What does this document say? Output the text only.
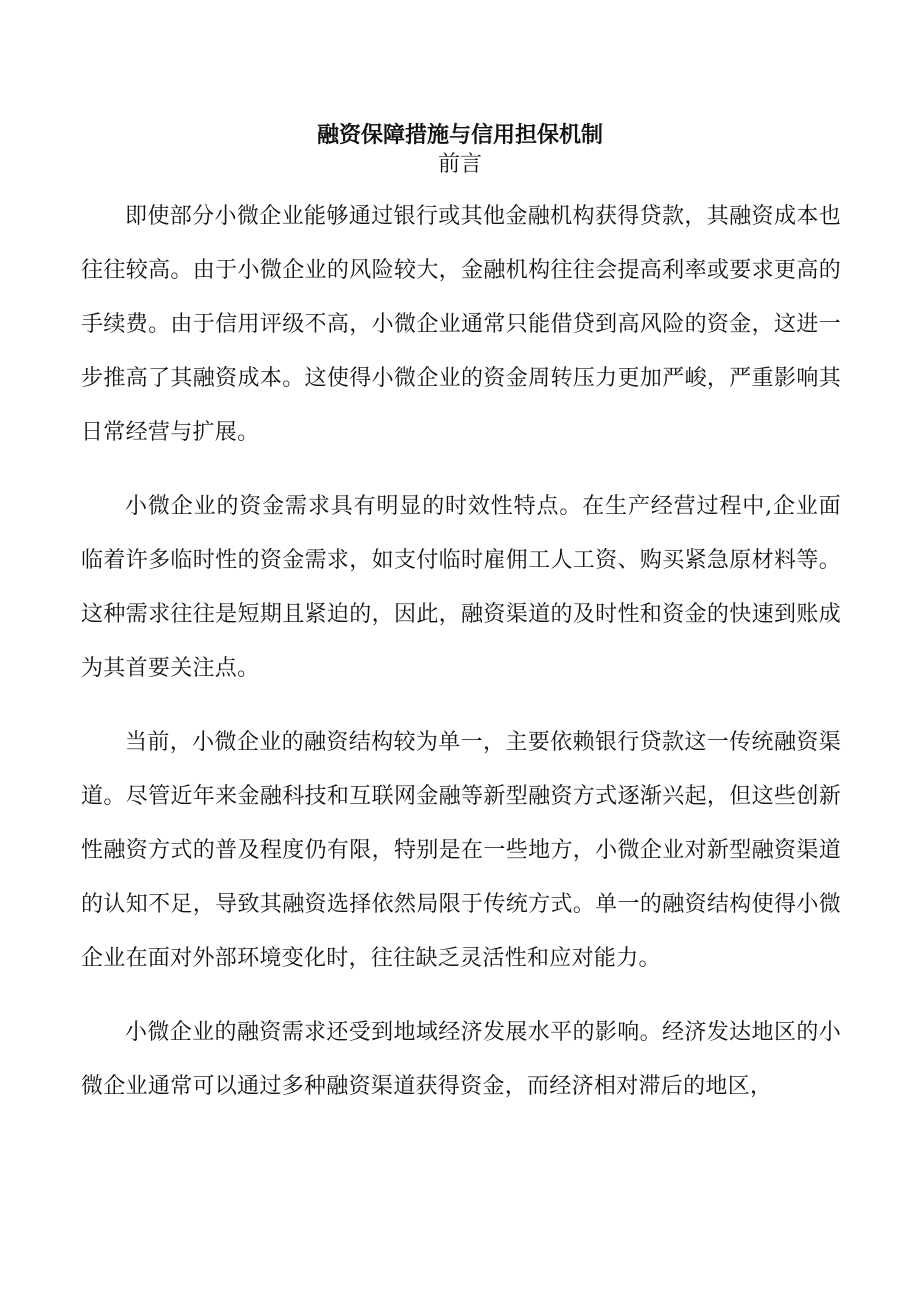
融资保障措施与信用担保机制
前言

即使部分小微企业能够通过银行或其他金融机构获得贷款，其融资成本也往往较高。由于小微企业的风险较大，金融机构往往会提高利率或要求更高的手续费。由于信用评级不高，小微企业通常只能借贷到高风险的资金，这进一步推高了其融资成本。这使得小微企业的资金周转压力更加严峻，严重影响其日常经营与扩展。

小微企业的资金需求具有明显的时效性特点。在生产经营过程中,企业面临着许多临时性的资金需求，如支付临时雇佣工人工资、购买紧急原材料等。这种需求往往是短期且紧迫的，因此，融资渠道的及时性和资金的快速到账成为其首要关注点。

当前，小微企业的融资结构较为单一，主要依赖银行贷款这一传统融资渠道。尽管近年来金融科技和互联网金融等新型融资方式逐渐兴起，但这些创新性融资方式的普及程度仍有限，特别是在一些地方，小微企业对新型融资渠道的认知不足，导致其融资选择依然局限于传统方式。单一的融资结构使得小微企业在面对外部环境变化时，往往缺乏灵活性和应对能力。

小微企业的融资需求还受到地域经济发展水平的影响。经济发达地区的小微企业通常可以通过多种融资渠道获得资金，而经济相对滞后的地区，
